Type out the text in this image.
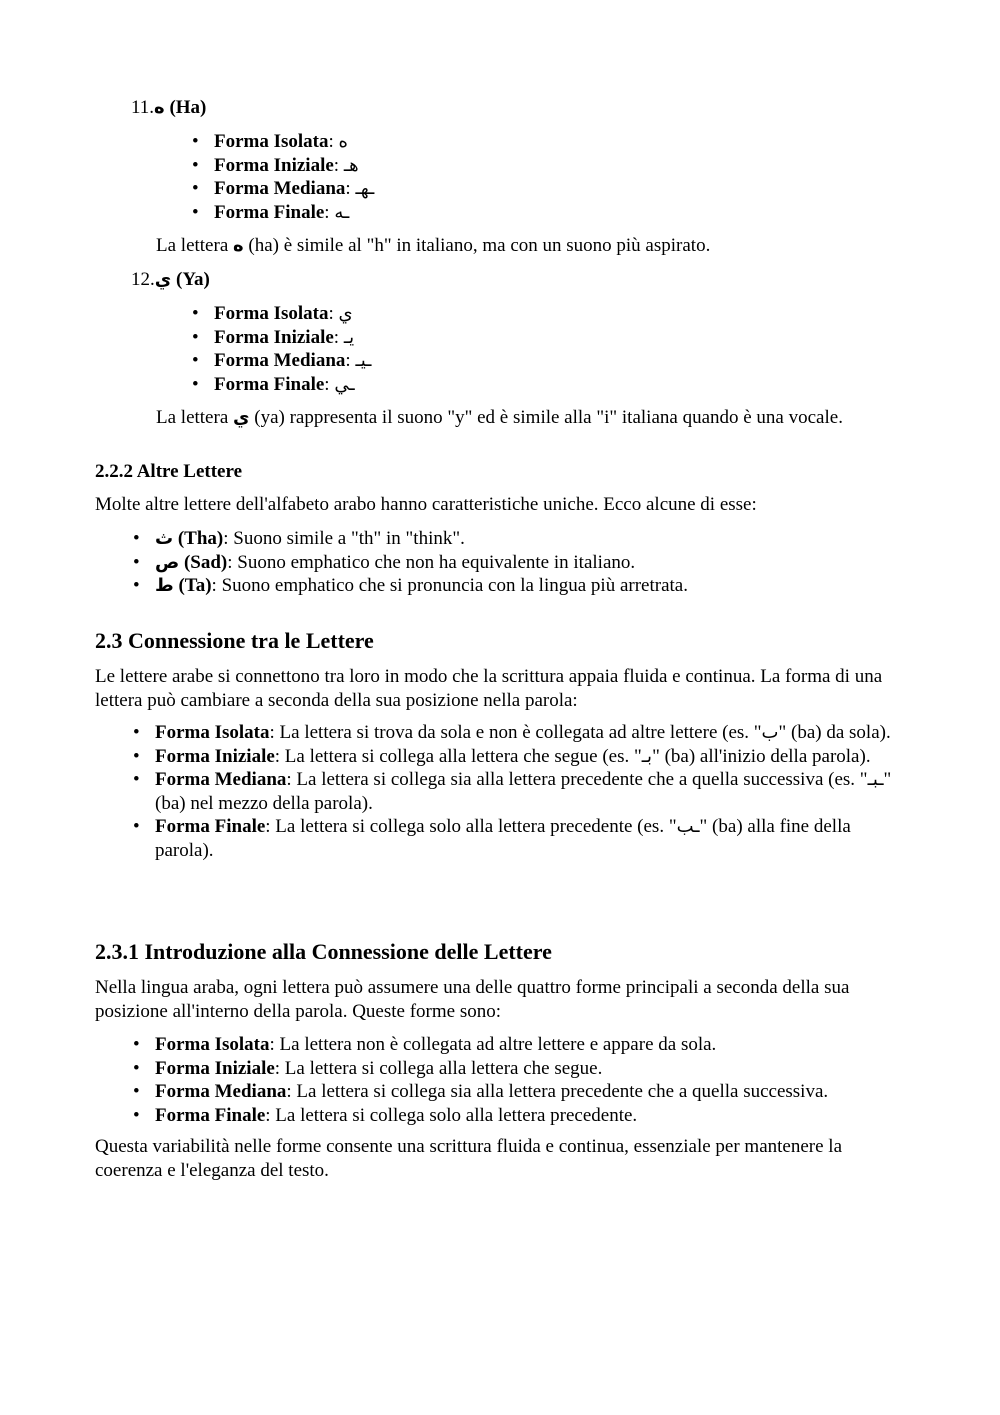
11.ه (Ha)
• Forma Isolata: ه
• Forma Iniziale: هـ
• Forma Mediana: ـهـ
• Forma Finale: ـه
La lettera ه (ha) è simile al "h" in italiano, ma con un suono più aspirato.
12.ي (Ya)
• Forma Isolata: ي
• Forma Iniziale: يـ
• Forma Mediana: ـيـ
• Forma Finale: ـي
La lettera ي (ya) rappresenta il suono "y" ed è simile alla "i" italiana quando è una vocale.
2.2.2 Altre Lettere
Molte altre lettere dell'alfabeto arabo hanno caratteristiche uniche. Ecco alcune di esse:
• ث (Tha): Suono simile a "th" in "think".
• ص (Sad): Suono emphatico che non ha equivalente in italiano.
• ط (Ta): Suono emphatico che si pronuncia con la lingua più arretrata.
2.3 Connessione tra le Lettere
Le lettere arabe si connettono tra loro in modo che la scrittura appaia fluida e continua. La forma di una lettera può cambiare a seconda della sua posizione nella parola:
• Forma Isolata: La lettera si trova da sola e non è collegata ad altre lettere (es. "ب" (ba) da sola).
• Forma Iniziale: La lettera si collega alla lettera che segue (es. "بـ" (ba) all'inizio della parola).
• Forma Mediana: La lettera si collega sia alla lettera precedente che a quella successiva (es. "ـبـ" (ba) nel mezzo della parola).
• Forma Finale: La lettera si collega solo alla lettera precedente (es. "ـب" (ba) alla fine della parola).
2.3.1 Introduzione alla Connessione delle Lettere
Nella lingua araba, ogni lettera può assumere una delle quattro forme principali a seconda della sua posizione all'interno della parola. Queste forme sono:
• Forma Isolata: La lettera non è collegata ad altre lettere e appare da sola.
• Forma Iniziale: La lettera si collega alla lettera che segue.
• Forma Mediana: La lettera si collega sia alla lettera precedente che a quella successiva.
• Forma Finale: La lettera si collega solo alla lettera precedente.
Questa variabilità nelle forme consente una scrittura fluida e continua, essenziale per mantenere la coerenza e l'eleganza del testo.
